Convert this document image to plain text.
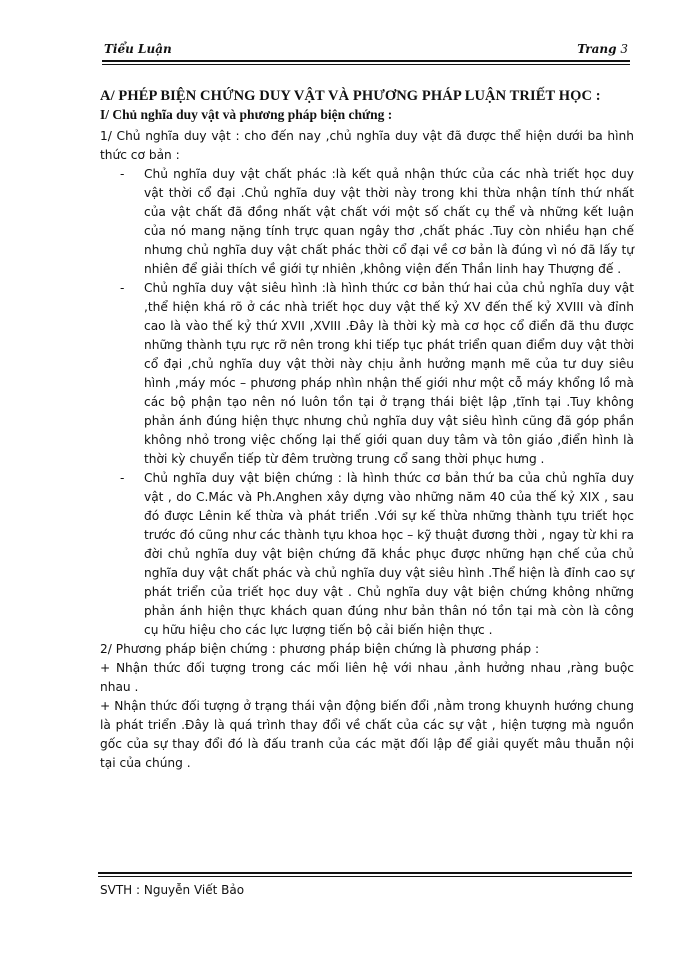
Tiểu Luận	Trang 3
A/ PHÉP BIỆN CHỨNG DUY VẬT VÀ PHƯƠNG PHÁP LUẬN TRIẾT HỌC :
I/ Chủ nghĩa duy vật và phương pháp biện chứng :

1/ Chủ nghĩa duy vật : cho đến nay ,chủ nghĩa duy vật đã được thể hiện dưới ba hình thức cơ bản :

- Chủ nghĩa duy vật chất phác :là kết quả nhận thức của các nhà triết học duy vật thời cổ đại .Chủ nghĩa duy vật thời này trong khi thừa nhận tính thứ nhất của vật chất đã đồng nhất vật chất với một số chất cụ thể và những kết luận của nó mang nặng tính trực quan ngây thơ ,chất phác .Tuy còn nhiều hạn chế nhưng chủ nghĩa duy vật chất phác thời cổ đại về cơ bản là đúng vì nó đã lấy tự nhiên để giải thích về giới tự nhiên ,không viện đến Thần linh hay Thượng đế .

- Chủ nghĩa duy vật siêu hình :là hình thức cơ bản thứ hai của chủ nghĩa duy vật ,thể hiện khá rõ ở các nhà triết học duy vật thế kỷ XV đến thế kỷ XVIII và đỉnh cao là vào thế kỷ thứ XVII ,XVIII .Đây là thời kỳ mà cơ học cổ điển đã thu được những thành tựu rực rỡ nên trong khi tiếp tục phát triển quan điểm duy vật thời cổ đại ,chủ nghĩa duy vật thời này chịu ảnh hưởng mạnh mẽ của tư duy siêu hình ,máy móc – phương pháp nhìn nhận thế giới như một cỗ máy khổng lồ mà các bộ phận tạo nên nó luôn tồn tại ở trạng thái biệt lập ,tĩnh tại .Tuy không phản ánh đúng hiện thực nhưng chủ nghĩa duy vật siêu hình cũng đã góp phần không nhỏ trong việc chống lại thế giới quan duy tâm và tôn giáo ,điển hình là thời kỳ chuyển tiếp từ đêm trường trung cổ sang thời phục hưng .

- Chủ nghĩa duy vật biện chứng : là hình thức cơ bản thứ ba của chủ nghĩa duy vật , do C.Mác và Ph.Anghen xây dựng vào những năm 40 của thế kỷ XIX , sau đó được Lênin kế thừa và phát triển .Với sự kế thừa những thành tựu triết học trước đó cũng như các thành tựu khoa học – kỹ thuật đương thời , ngay từ khi ra đời chủ nghĩa duy vật biện chứng đã khắc phục được những hạn chế của chủ nghĩa duy vật chất phác và chủ nghĩa duy vật siêu hình .Thể hiện là đỉnh cao sự phát triển của triết học duy vật . Chủ nghĩa duy vật biện chứng không những phản ánh hiện thực khách quan đúng như bản thân nó tồn tại mà còn là công cụ hữu hiệu cho các lực lượng tiến bộ cải biến hiện thực .

2/ Phương pháp biện chứng : phương pháp biện chứng là phương pháp :

+ Nhận thức đối tượng trong các mối liên hệ với nhau ,ảnh hưởng nhau ,ràng buộc nhau .

+ Nhận thức đối tượng ở trạng thái vận động biến đổi ,nằm trong khuynh hướng chung là phát triển .Đây là quá trình thay đổi về chất của các sự vật , hiện tượng mà nguồn gốc của sự thay đổi đó là đấu tranh của các mặt đối lập để giải quyết mâu thuẫn nội tại của chúng .

SVTH : Nguyễn Viết Bảo
